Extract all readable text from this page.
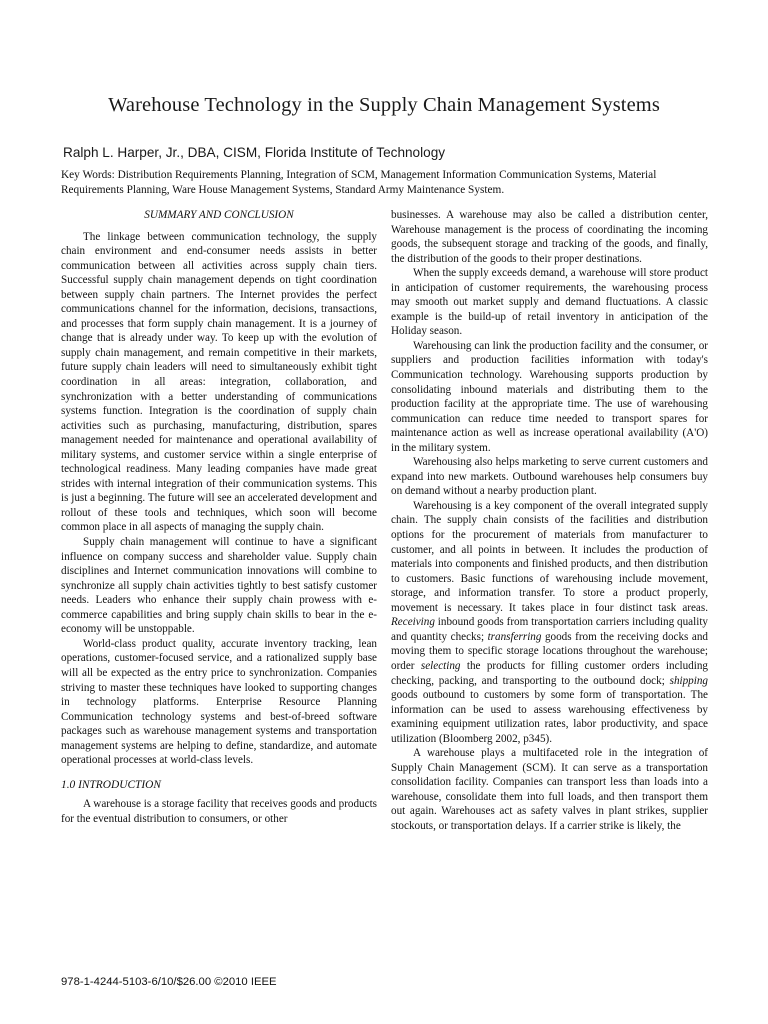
Warehouse Technology in the Supply Chain Management Systems
Ralph L. Harper, Jr., DBA, CISM, Florida Institute of Technology
Key Words: Distribution Requirements Planning, Integration of SCM, Management Information Communication Systems, Material Requirements Planning, Ware House Management Systems, Standard Army Maintenance System.
SUMMARY AND CONCLUSION

The linkage between communication technology, the supply chain environment and end-consumer needs assists in better communication between all activities across supply chain tiers. Successful supply chain management depends on tight coordination between supply chain partners. The Internet provides the perfect communications channel for the information, decisions, transactions, and processes that form supply chain management. It is a journey of change that is already under way. To keep up with the evolution of supply chain management, and remain competitive in their markets, future supply chain leaders will need to simultaneously exhibit tight coordination in all areas: integration, collaboration, and synchronization with a better understanding of communications systems function. Integration is the coordination of supply chain activities such as purchasing, manufacturing, distribution, spares management needed for maintenance and operational availability of military systems, and customer service within a single enterprise of technological readiness. Many leading companies have made great strides with internal integration of their communication systems. This is just a beginning. The future will see an accelerated development and rollout of these tools and techniques, which soon will become common place in all aspects of managing the supply chain.

Supply chain management will continue to have a significant influence on company success and shareholder value. Supply chain disciplines and Internet communication innovations will combine to synchronize all supply chain activities tightly to best satisfy customer needs. Leaders who enhance their supply chain prowess with e-commerce capabilities and bring supply chain skills to bear in the e-economy will be unstoppable.

World-class product quality, accurate inventory tracking, lean operations, customer-focused service, and a rationalized supply base will all be expected as the entry price to synchronization. Companies striving to master these techniques have looked to supporting changes in technology platforms. Enterprise Resource Planning Communication technology systems and best-of-breed software packages such as warehouse management systems and transportation management systems are helping to define, standardize, and automate operational processes at world-class levels.

1.0 INTRODUCTION

A warehouse is a storage facility that receives goods and products for the eventual distribution to consumers, or other

businesses. A warehouse may also be called a distribution center, Warehouse management is the process of coordinating the incoming goods, the subsequent storage and tracking of the goods, and finally, the distribution of the goods to their proper destinations.

When the supply exceeds demand, a warehouse will store product in anticipation of customer requirements, the warehousing process may smooth out market supply and demand fluctuations. A classic example is the build-up of retail inventory in anticipation of the Holiday season.

Warehousing can link the production facility and the consumer, or suppliers and production facilities information with today's Communication technology. Warehousing supports production by consolidating inbound materials and distributing them to the production facility at the appropriate time. The use of warehousing communication can reduce time needed to transport spares for maintenance action as well as increase operational availability (A'O) in the military system.

Warehousing also helps marketing to serve current customers and expand into new markets. Outbound warehouses help consumers buy on demand without a nearby production plant.

Warehousing is a key component of the overall integrated supply chain. The supply chain consists of the facilities and distribution options for the procurement of materials from manufacturer to customer, and all points in between. It includes the production of materials into components and finished products, and then distribution to customers. Basic functions of warehousing include movement, storage, and information transfer. To store a product properly, movement is necessary. It takes place in four distinct task areas. Receiving inbound goods from transportation carriers including quality and quantity checks; transferring goods from the receiving docks and moving them to specific storage locations throughout the warehouse; order selecting the products for filling customer orders including checking, packing, and transporting to the outbound dock; shipping goods outbound to customers by some form of transportation. The information can be used to assess warehousing effectiveness by examining equipment utilization rates, labor productivity, and space utilization (Bloomberg 2002, p345).

A warehouse plays a multifaceted role in the integration of Supply Chain Management (SCM). It can serve as a transportation consolidation facility. Companies can transport less than loads into a warehouse, consolidate them into full loads, and then transport them out again. Warehouses act as safety valves in plant strikes, supplier stockouts, or transportation delays. If a carrier strike is likely, the

978-1-4244-5103-6/10/$26.00 ©2010 IEEE
